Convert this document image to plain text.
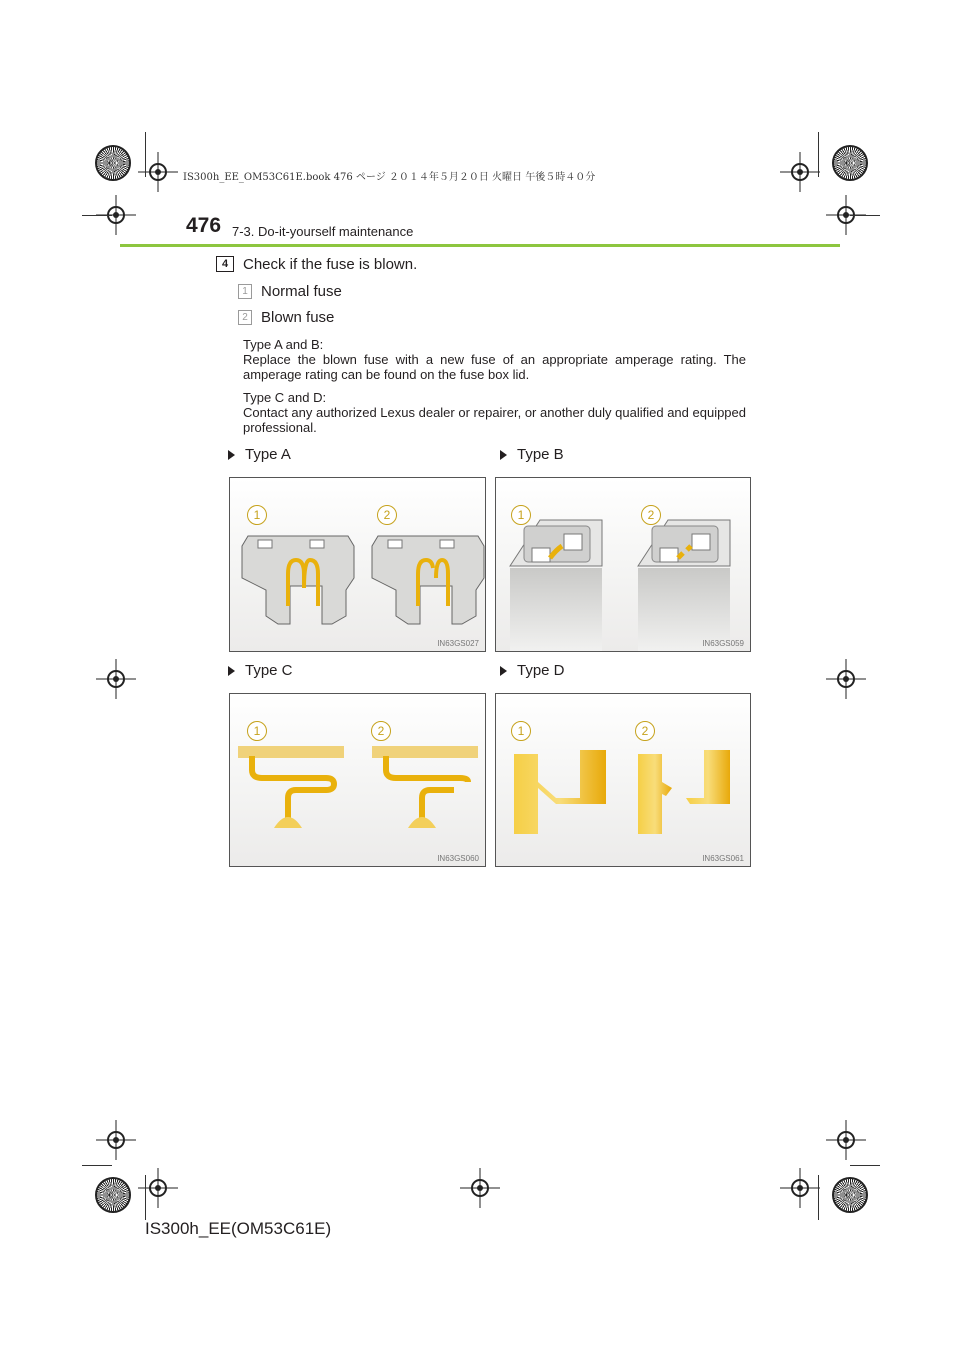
IS300h_EE_OM53C61E.book 476 ページ ２０１４年５月２０日 火曜日 午後５時４０分
476 7-3. Do-it-yourself maintenance
4 Check if the fuse is blown.
1 Normal fuse
2 Blown fuse
Type A and B:
Replace the blown fuse with a new fuse of an appropriate amperage rating. The amperage rating can be found on the fuse box lid.
Type C and D:
Contact any authorized Lexus dealer or repairer, or another duly qualified and equipped professional.
Type A	Type B
Type C	Type D
1	2
IN63GS027
1	2
IN63GS059
1	2
IN63GS060
1	2
IN63GS061
IS300h_EE(OM53C61E)
